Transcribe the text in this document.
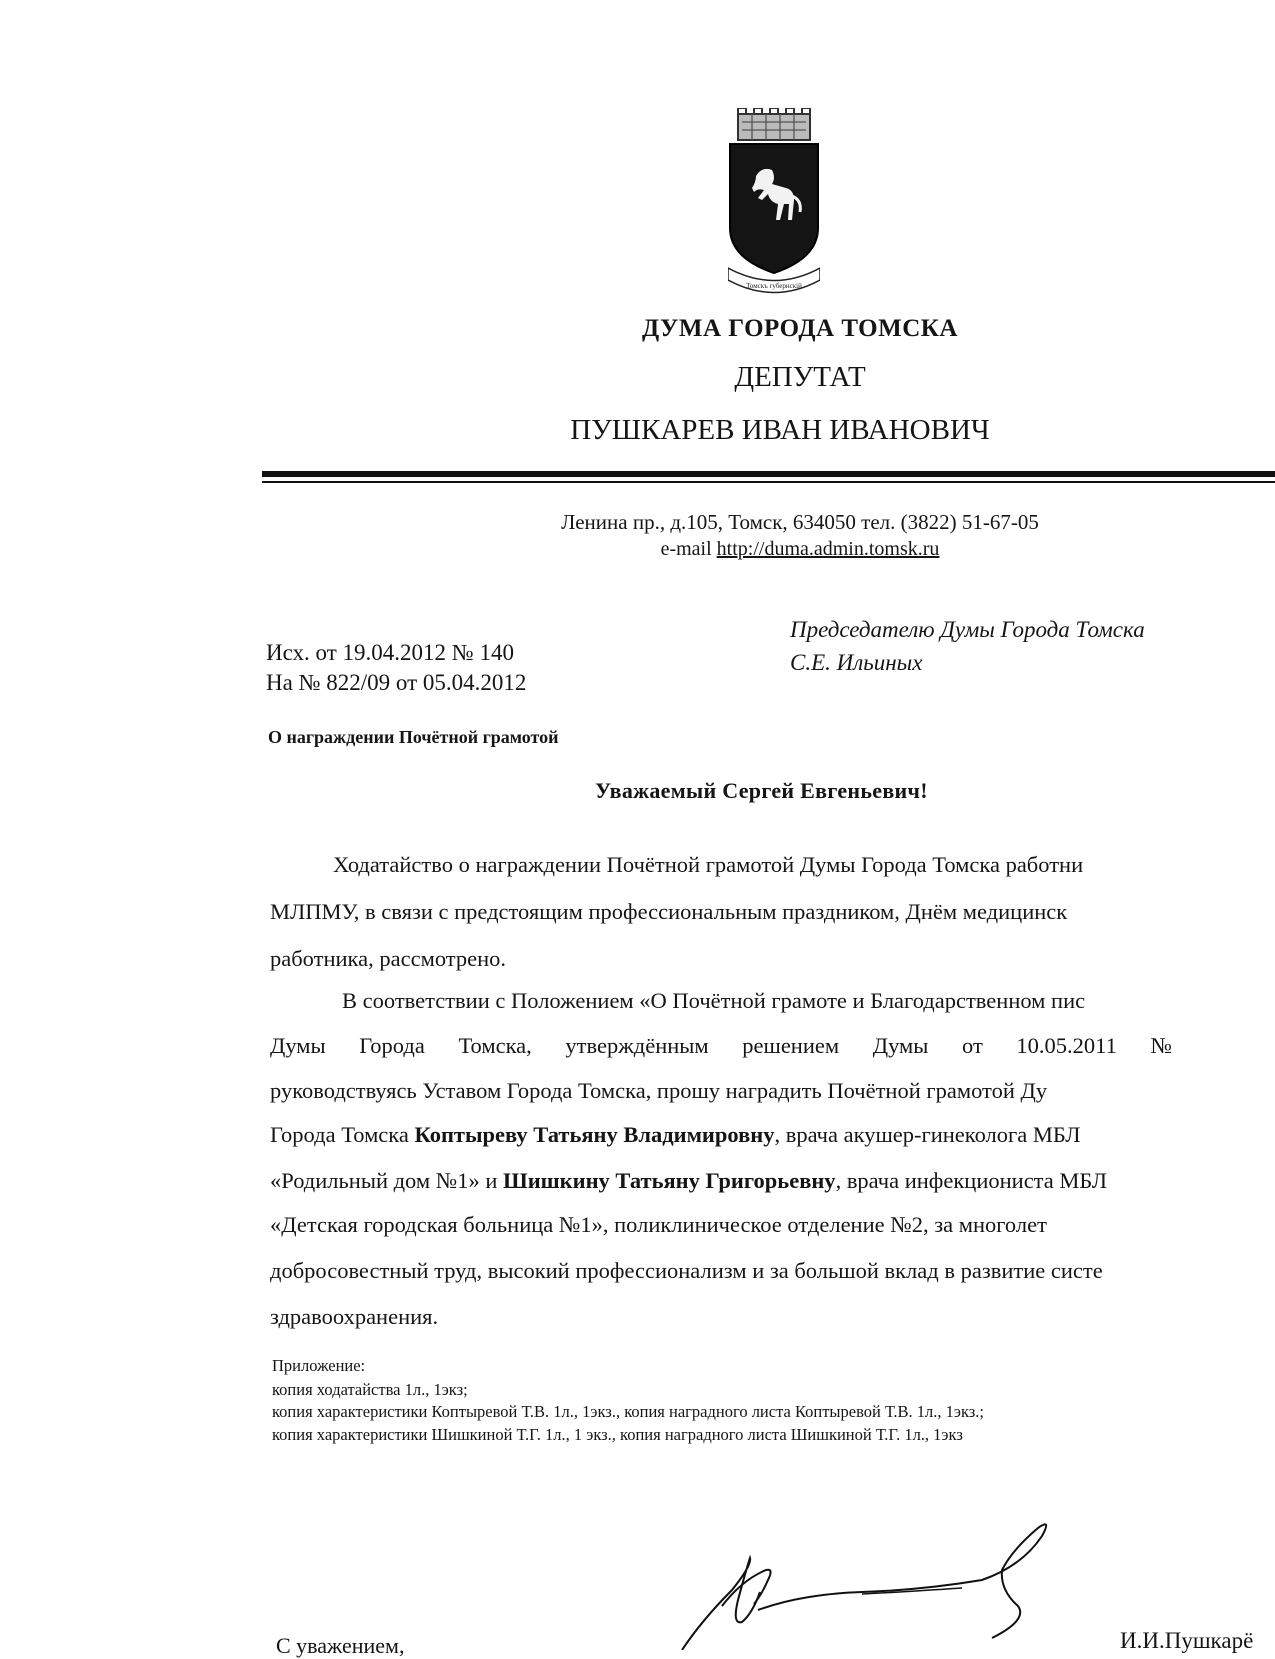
Томскъ губернскiй
ДУМА ГОРОДА ТОМСКА
ДЕПУТАТ
ПУШКАРЕВ ИВАН ИВАНОВИЧ
Ленина пр., д.105, Томск, 634050 тел. (3822) 51-67-05
e-mail http://duma.admin.tomsk.ru
Исх. от 19.04.2012 № 140
На № 822/09 от 05.04.2012
Председателю Думы Города Томска
С.Е. Ильиных
О награждении Почётной грамотой
Уважаемый Сергей Евгеньевич!
Ходатайство о награждении Почётной грамотой Думы Города Томска работни
МЛПМУ, в связи с предстоящим профессиональным праздником, Днём медицинск
работника, рассмотрено.
В соответствии с Положением «О Почётной грамоте и Благодарственном пис
Думы Города Томска, утверждённым решением Думы от 10.05.2011 №
руководствуясь Уставом Города Томска, прошу наградить Почётной грамотой Ду
Города Томска Коптыреву Татьяну Владимировну, врача акушер-гинеколога МБЛ
«Родильный дом №1» и Шишкину Татьяну Григорьевну, врача инфекциониста МБЛ
«Детская городская больница №1», поликлиническое отделение №2, за многолет
добросовестный труд, высокий профессионализм и за большой вклад в развитие систе
здравоохранения.
Приложение:
копия ходатайства 1л., 1экз;
копия характеристики Коптыревой Т.В. 1л., 1экз., копия наградного листа Коптыревой Т.В. 1л., 1экз.;
копия характеристики Шишкиной Т.Г. 1л., 1 экз., копия наградного листа Шишкиной Т.Г. 1л., 1экз
С уважением,	И.И.Пушкарё
